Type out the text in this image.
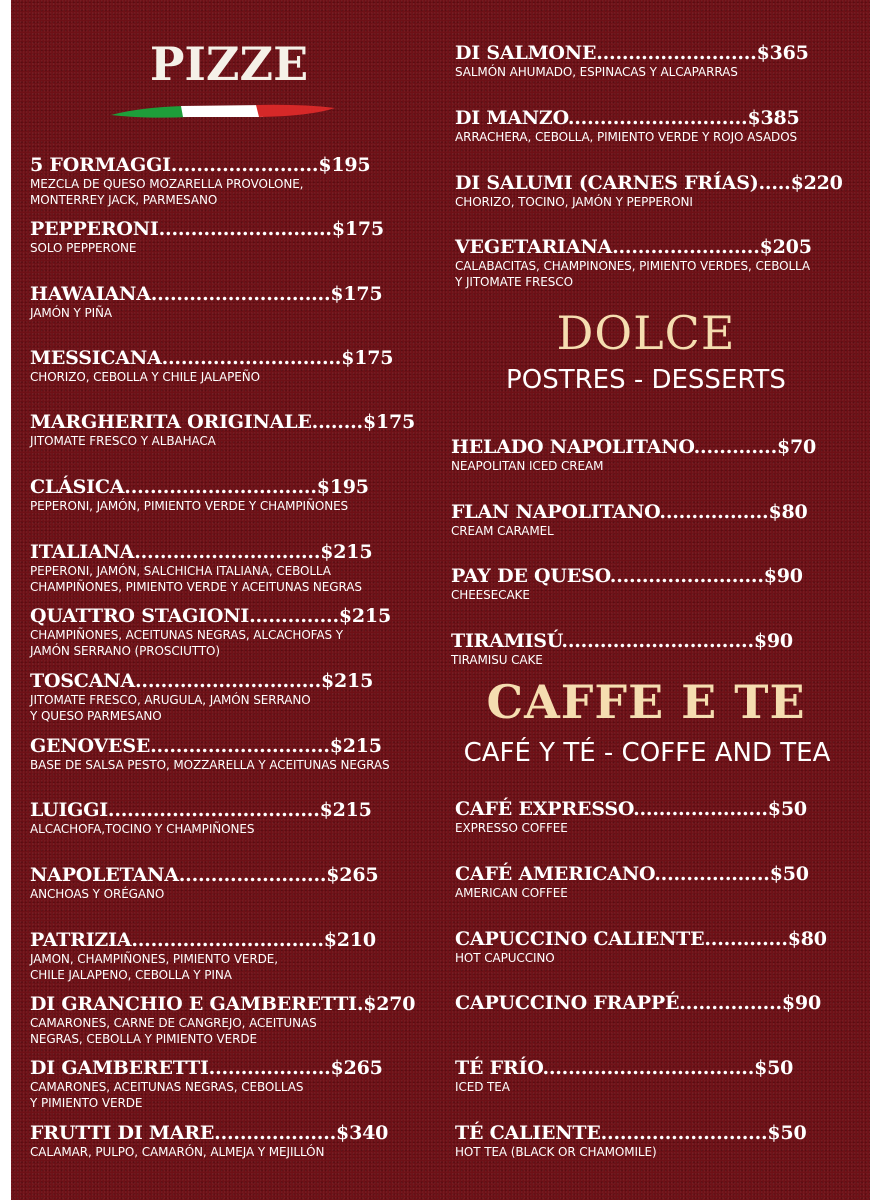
PIZZE
5 FORMAGGI.......................$195
MEZCLA DE QUESO MOZARELLA PROVOLONE,
MONTERREY JACK, PARMESANO
PEPPERONI...........................$175
SOLO PEPPERONE
HAWAIANA............................$175
JAMÓN Y PIÑA
MESSICANA............................$175
CHORIZO, CEBOLLA Y CHILE JALAPEÑO
MARGHERITA ORIGINALE........$175
JITOMATE FRESCO Y ALBAHACA
CLÁSICA..............................$195
PEPERONI, JAMÓN, PIMIENTO VERDE Y CHAMPIÑONES
ITALIANA.............................$215
PEPERONI, JAMÓN, SALCHICHA ITALIANA, CEBOLLA
CHAMPIÑONES, PIMIENTO VERDE Y ACEITUNAS NEGRAS
QUATTRO STAGIONI..............$215
CHAMPIÑONES, ACEITUNAS NEGRAS, ALCACHOFAS Y
JAMÓN SERRANO (PROSCIUTTO)
TOSCANA.............................$215
JITOMATE FRESCO, ARUGULA, JAMÓN SERRANO
Y QUESO PARMESANO
GENOVESE............................$215
BASE DE SALSA PESTO, MOZZARELLA Y ACEITUNAS NEGRAS
LUIGGI.................................$215
ALCACHOFA,TOCINO Y CHAMPIÑONES
NAPOLETANA.......................$265
ANCHOAS Y ORÉGANO
PATRIZIA..............................$210
JAMON, CHAMPIÑONES, PIMIENTO VERDE,
CHILE JALAPENO, CEBOLLA Y PINA
DI GRANCHIO E GAMBERETTI.$270
CAMARONES, CARNE DE CANGREJO, ACEITUNAS
NEGRAS, CEBOLLA Y PIMIENTO VERDE
DI GAMBERETTI...................$265
CAMARONES, ACEITUNAS NEGRAS, CEBOLLAS
Y PIMIENTO VERDE
FRUTTI DI MARE...................$340
CALAMAR, PULPO, CAMARÓN, ALMEJA Y MEJILLÓN
DI SALMONE.........................$365
SALMÓN AHUMADO, ESPINACAS Y ALCAPARRAS
DI MANZO............................$385
ARRACHERA, CEBOLLA, PIMIENTO VERDE Y ROJO ASADOS
DI SALUMI (CARNES FRÍAS).....$220
CHORIZO, TOCINO, JAMÓN Y PEPPERONI
VEGETARIANA.......................$205
CALABACITAS, CHAMPINONES, PIMIENTO VERDES, CEBOLLA
Y JITOMATE FRESCO
DOLCE
POSTRES - DESSERTS
HELADO NAPOLITANO.............$70
NEAPOLITAN ICED CREAM
FLAN NAPOLITANO.................$80
CREAM CARAMEL
PAY DE QUESO........................$90
CHEESECAKE
TIRAMISÚ..............................$90
TIRAMISU CAKE
CAFFE E TE
CAFÉ Y TÉ - COFFE AND TEA
CAFÉ EXPRESSO.....................$50
EXPRESSO COFFEE
CAFÉ AMERICANO..................$50
AMERICAN COFFEE
CAPUCCINO CALIENTE.............$80
HOT CAPUCCINO
CAPUCCINO FRAPPÉ................$90
TÉ FRÍO.................................$50
ICED TEA
TÉ CALIENTE..........................$50
HOT TEA (BLACK OR CHAMOMILE)
